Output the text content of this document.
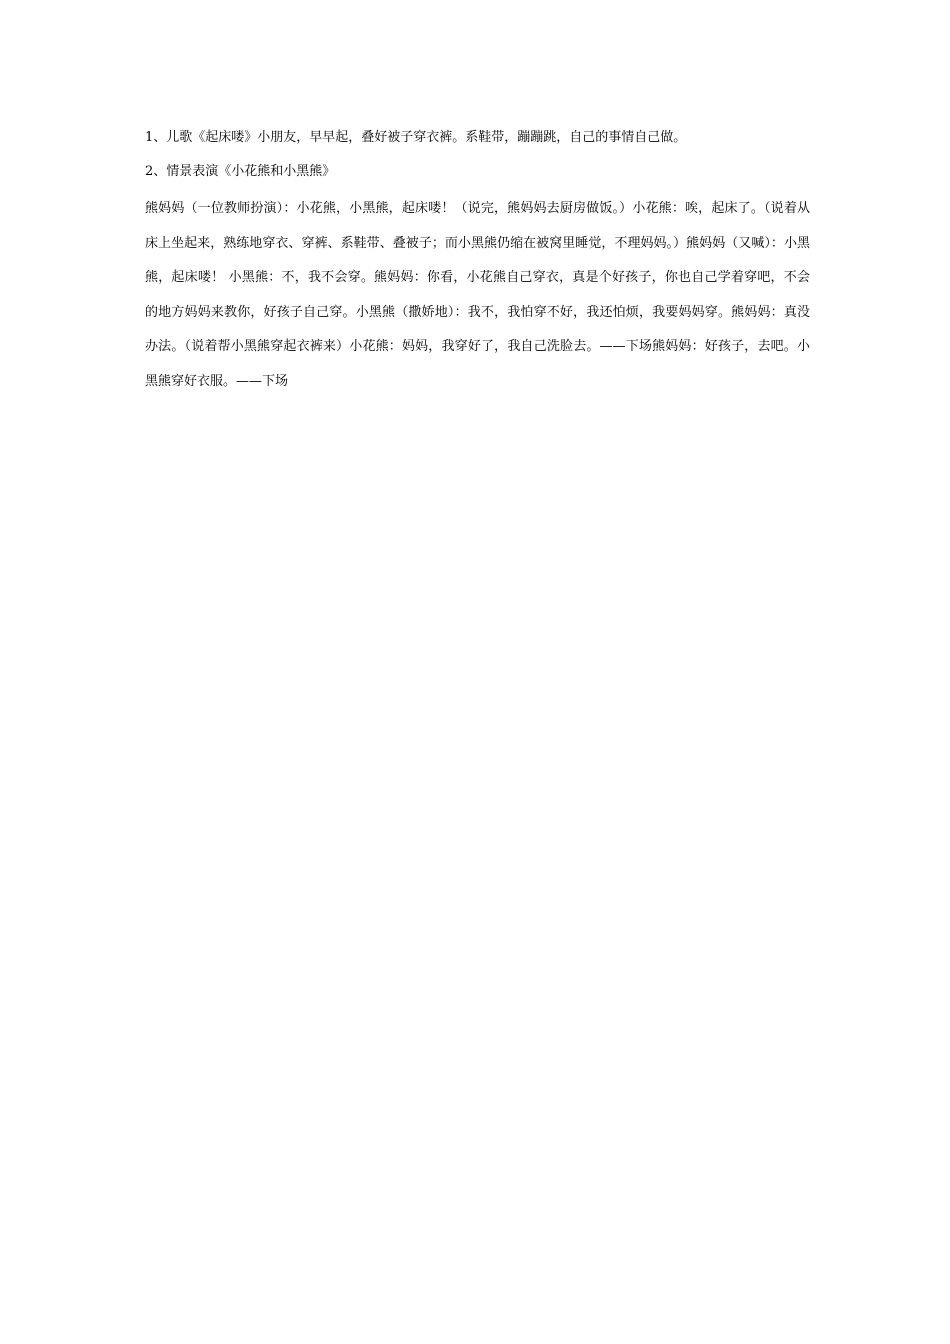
1、儿歌《起床喽》小朋友，早早起，叠好被子穿衣裤。系鞋带，蹦蹦跳，自己的事情自己做。

2、情景表演《小花熊和小黑熊》

熊妈妈（一位教师扮演）：小花熊，小黑熊，起床喽！（说完，熊妈妈去厨房做饭。）小花熊：唉，起床了。（说着从床上坐起来，熟练地穿衣、穿裤、系鞋带、叠被子；而小黑熊仍缩在被窝里睡觉，不理妈妈。）熊妈妈（又喊）：小黑熊，起床喽！ 小黑熊：不，我不会穿。熊妈妈：你看，小花熊自己穿衣，真是个好孩子，你也自己学着穿吧，不会的地方妈妈来教你，好孩子自己穿。小黑熊（撒娇地）：我不，我怕穿不好，我还怕烦，我要妈妈穿。熊妈妈：真没办法。（说着帮小黑熊穿起衣裤来）小花熊：妈妈，我穿好了，我自己洗脸去。——下场熊妈妈：好孩子，去吧。小黑熊穿好衣服。——下场
